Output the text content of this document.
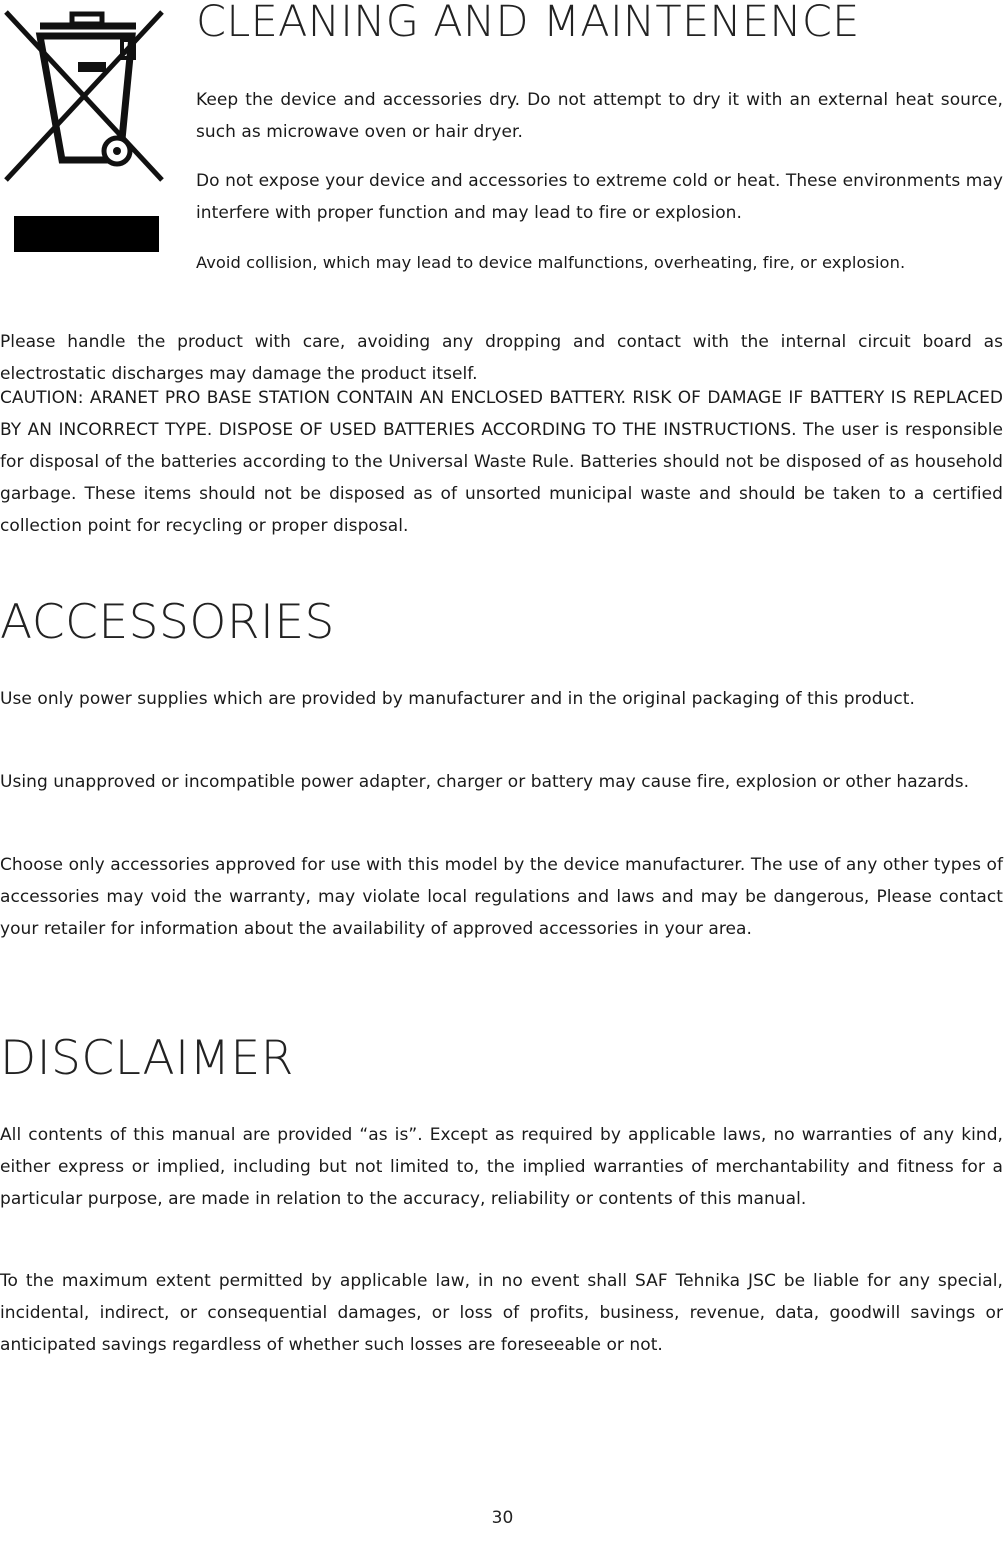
CLEANING AND MAINTENENCE

Keep the device and accessories dry. Do not attempt to dry it with an external heat source, such as microwave oven or hair dryer.

Do not expose your device and accessories to extreme cold or heat. These environments may interfere with proper function and may lead to fire or explosion.

Avoid collision, which may lead to device malfunctions, overheating, fire, or explosion.

Please handle the product with care, avoiding any dropping and contact with the internal circuit board as electrostatic discharges may damage the product itself.

CAUTION: ARANET PRO BASE STATION CONTAIN AN ENCLOSED BATTERY. RISK OF DAMAGE IF BATTERY IS REPLACED BY AN INCORRECT TYPE. DISPOSE OF USED BATTERIES ACCORDING TO THE INSTRUCTIONS. The user is responsible for disposal of the batteries according to the Universal Waste Rule. Batteries should not be disposed of as household garbage. These items should not be disposed as of unsorted municipal waste and should be taken to a certified collection point for recycling or proper disposal.

ACCESSORIES

Use only power supplies which are provided by manufacturer and in the original packaging of this product.

Using unapproved or incompatible power adapter, charger or battery may cause fire, explosion or other hazards.

Choose only accessories approved for use with this model by the device manufacturer. The use of any other types of accessories may void the warranty, may violate local regulations and laws and may be dangerous, Please contact your retailer for information about the availability of approved accessories in your area.

DISCLAIMER

All contents of this manual are provided “as is”. Except as required by applicable laws, no warranties of any kind, either express or implied, including but not limited to, the implied warranties of merchantability and fitness for a particular purpose, are made in relation to the accuracy, reliability or contents of this manual.

To the maximum extent permitted by applicable law, in no event shall SAF Tehnika JSC be liable for any special, incidental, indirect, or consequential damages, or loss of profits, business, revenue, data, goodwill savings or anticipated savings regardless of whether such losses are foreseeable or not.

30
